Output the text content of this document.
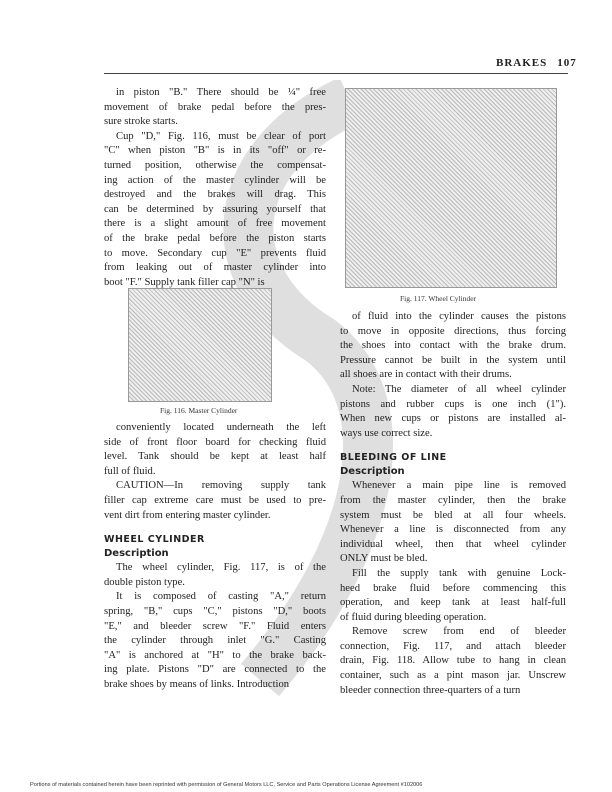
BRAKES 107
in piston "B." There should be ¼" free
movement of brake pedal before the pres-
sure stroke starts.
Cup "D," Fig. 116, must be clear of port
"C" when piston "B" is in its "off" or re-
turned position, otherwise the compensat-
ing action of the master cylinder will be
destroyed and the brakes will drag. This
can be determined by assuring yourself that
there is a slight amount of free movement
of the brake pedal before the piston starts
to move. Secondary cup "E" prevents fluid
from leaking out of master cylinder into
boot "F." Supply tank filler cap "N" is
Fig. 116. Master Cylinder
conveniently located underneath the left
side of front floor board for checking fluid
level. Tank should be kept at least half
full of fluid.
CAUTION—In removing supply tank
filler cap extreme care must be used to pre-
vent dirt from entering master cylinder.
WHEEL CYLINDER
Description
The wheel cylinder, Fig. 117, is of the
double piston type.
It is composed of casting "A," return
spring, "B," cups "C," pistons "D," boots
"E," and bleeder screw "F." Fluid enters
the cylinder through inlet "G." Casting
"A" is anchored at "H" to the brake back-
ing plate. Pistons "D" are connected to the
brake shoes by means of links. Introduction
Fig. 117. Wheel Cylinder
of fluid into the cylinder causes the pistons
to move in opposite directions, thus forcing
the shoes into contact with the brake drum.
Pressure cannot be built in the system until
all shoes are in contact with their drums.
Note: The diameter of all wheel cylinder
pistons and rubber cups is one inch (1").
When new cups or pistons are installed al-
ways use correct size.
BLEEDING OF LINE
Description
Whenever a main pipe line is removed
from the master cylinder, then the brake
system must be bled at all four wheels.
Whenever a line is disconnected from any
individual wheel, then that wheel cylinder
ONLY must be bled.
Fill the supply tank with genuine Lock-
heed brake fluid before commencing this
operation, and keep tank at least half-full
of fluid during bleeding operation.
Remove screw from end of bleeder
connection, Fig. 117, and attach bleeder
drain, Fig. 118. Allow tube to hang in clean
container, such as a pint mason jar. Unscrew
bleeder connection three-quarters of a turn
Portions of materials contained herein have been reprinted with permission of General Motors LLC, Service and Parts Operations License Agreement #102006
